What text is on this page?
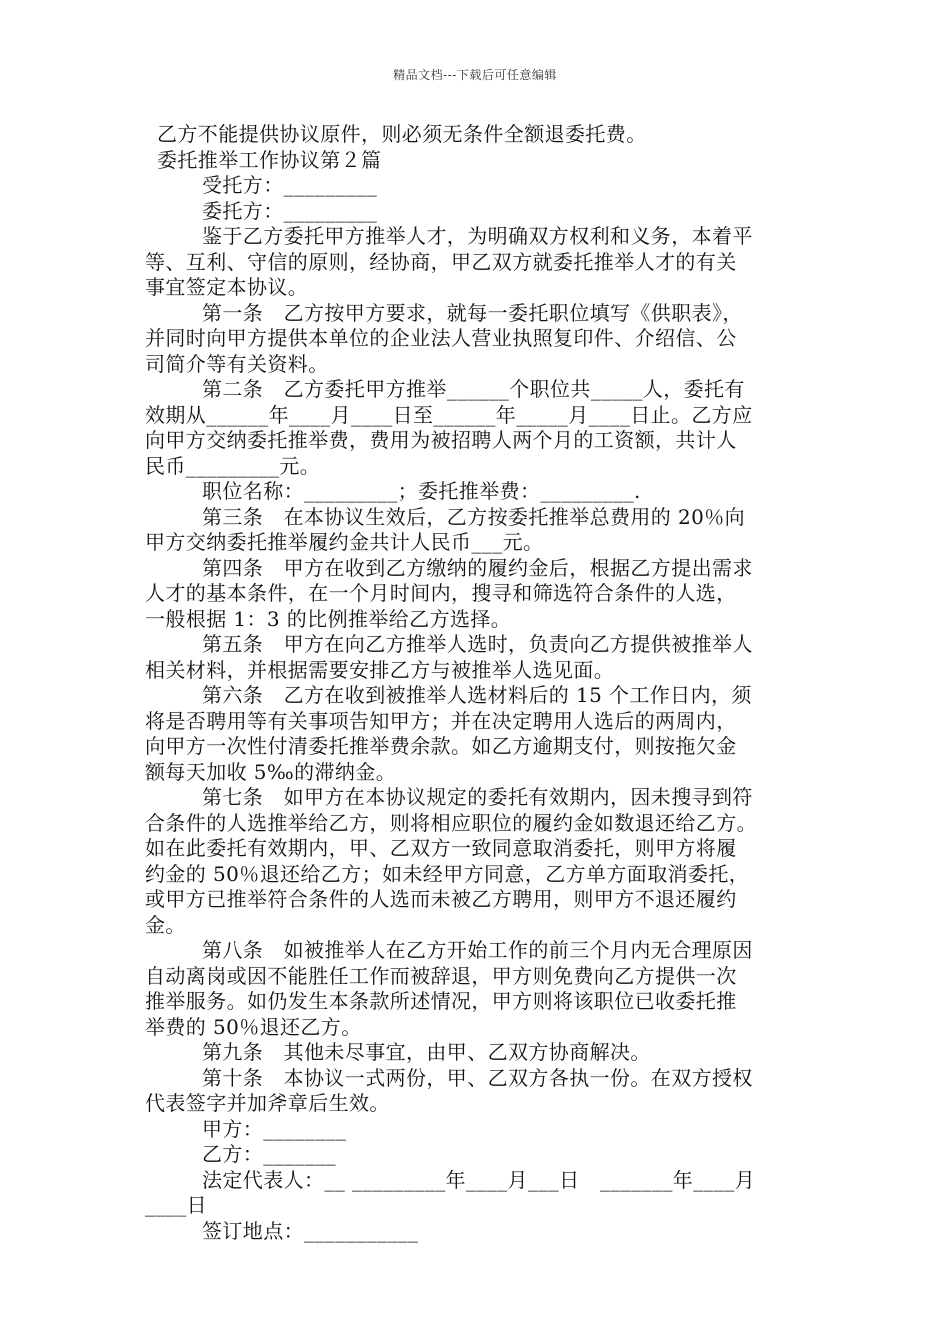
精品文档---下载后可任意编辑

乙方不能提供协议原件，则必须无条件全额退委托费。

委托推举工作协议第２篇

受托方：_________

委托方：_________

鉴于乙方委托甲方推举人才，为明确双方权利和义务，本着平

等、互利、守信的原则，经协商，甲乙双方就委托推举人才的有关

事宜签定本协议。

第一条　乙方按甲方要求，就每一委托职位填写《供职表》，

并同时向甲方提供本单位的企业法人营业执照复印件、介绍信、公

司简介等有关资料。

第二条　乙方委托甲方推举______个职位共_____人，委托有

效期从______年____月____日至______年_____月____日止。乙方应

向甲方交纳委托推举费，费用为被招聘人两个月的工资额，共计人

民币_________元。

职位名称：_________；委托推举费：_________.

第三条　在本协议生效后，乙方按委托推举总费用的 20％向

甲方交纳委托推举履约金共计人民币___元。

第四条　甲方在收到乙方缴纳的履约金后，根据乙方提出需求

人才的基本条件，在一个月时间内，搜寻和筛选符合条件的人选，

一般根据 1：3 的比例推举给乙方选择。

第五条　甲方在向乙方推举人选时，负责向乙方提供被推举人

相关材料，并根据需要安排乙方与被推举人选见面。

第六条　乙方在收到被推举人选材料后的 15 个工作日内，须

将是否聘用等有关事项告知甲方；并在决定聘用人选后的两周内，

向甲方一次性付清委托推举费余款。如乙方逾期支付，则按拖欠金

额每天加收 5‰的滞纳金。

第七条　如甲方在本协议规定的委托有效期内，因未搜寻到符

合条件的人选推举给乙方，则将相应职位的履约金如数退还给乙方。

如在此委托有效期内，甲、乙双方一致同意取消委托，则甲方将履

约金的 50％退还给乙方；如未经甲方同意，乙方单方面取消委托，

或甲方已推举符合条件的人选而未被乙方聘用，则甲方不退还履约

金。

第八条　如被推举人在乙方开始工作的前三个月内无合理原因

自动离岗或因不能胜任工作而被辞退，甲方则免费向乙方提供一次

推举服务。如仍发生本条款所述情况，甲方则将该职位已收委托推

举费的 50％退还乙方。

第九条　其他未尽事宜，由甲、乙双方协商解决。

第十条　本协议一式两份，甲、乙双方各执一份。在双方授权

代表签字并加斧章后生效。

甲方：________

乙方：_______

法定代表人：__ _________年____月___日　_______年____月

____日

签订地点：___________
